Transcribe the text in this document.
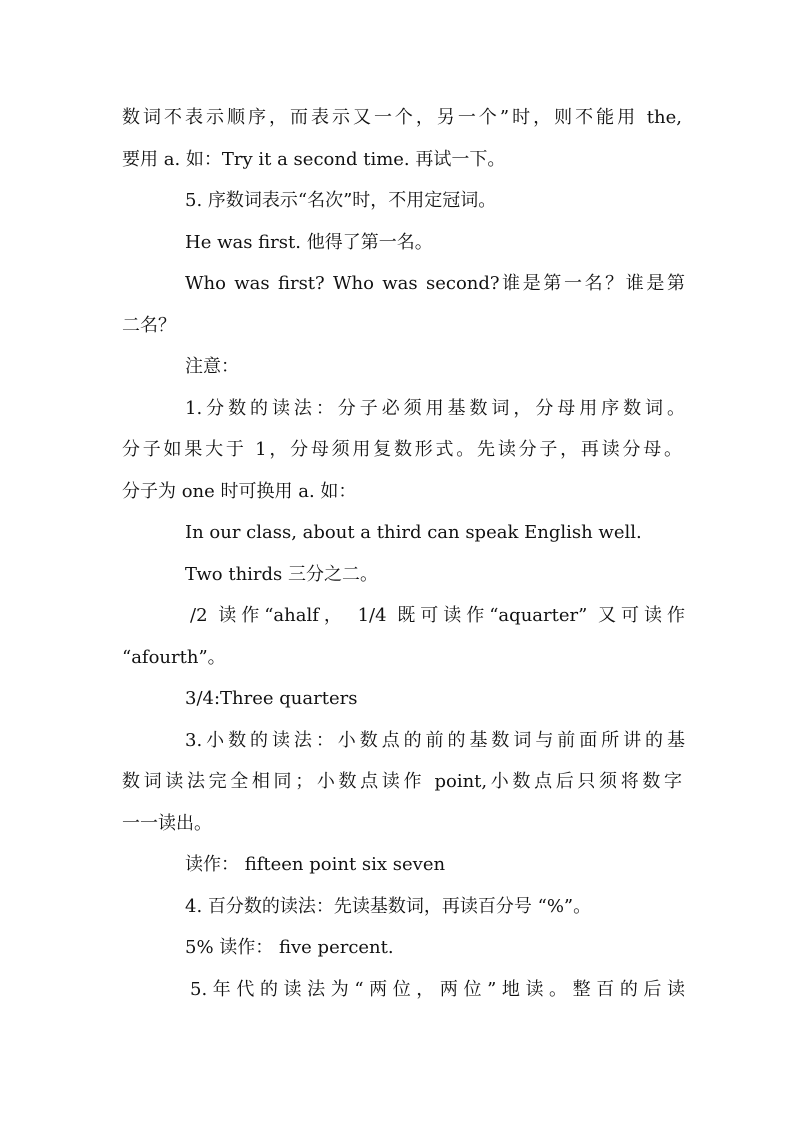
数词不表示顺序，而表示又一个，另一个”时，则不能用 the,
要用 a. 如：Try it a second time. 再试一下。
5. 序数词表示“名次”时，不用定冠词。
He was first. 他得了第一名。
Who was first? Who was second?谁是第一名？谁是第
二名？
注意：
1.分数的读法：分子必须用基数词，分母用序数词。
分子如果大于 1，分母须用复数形式。先读分子，再读分母。
分子为 one 时可换用 a. 如：
In our class, about a third can speak English well.
Two thirds 三分之二。
/2 读作“ahalf， 1/4 既可读作“aquarter” 又可读作
“afourth”。
3/4:Three quarters
3.小数的读法：小数点的前的基数词与前面所讲的基
数词读法完全相同；小数点读作 point,小数点后只须将数字
一一读出。
读作： fifteen point six seven
4. 百分数的读法：先读基数词，再读百分号 “%”。
5% 读作： five percent.
5.年代的读法为“两位，两位”地读。整百的后读
